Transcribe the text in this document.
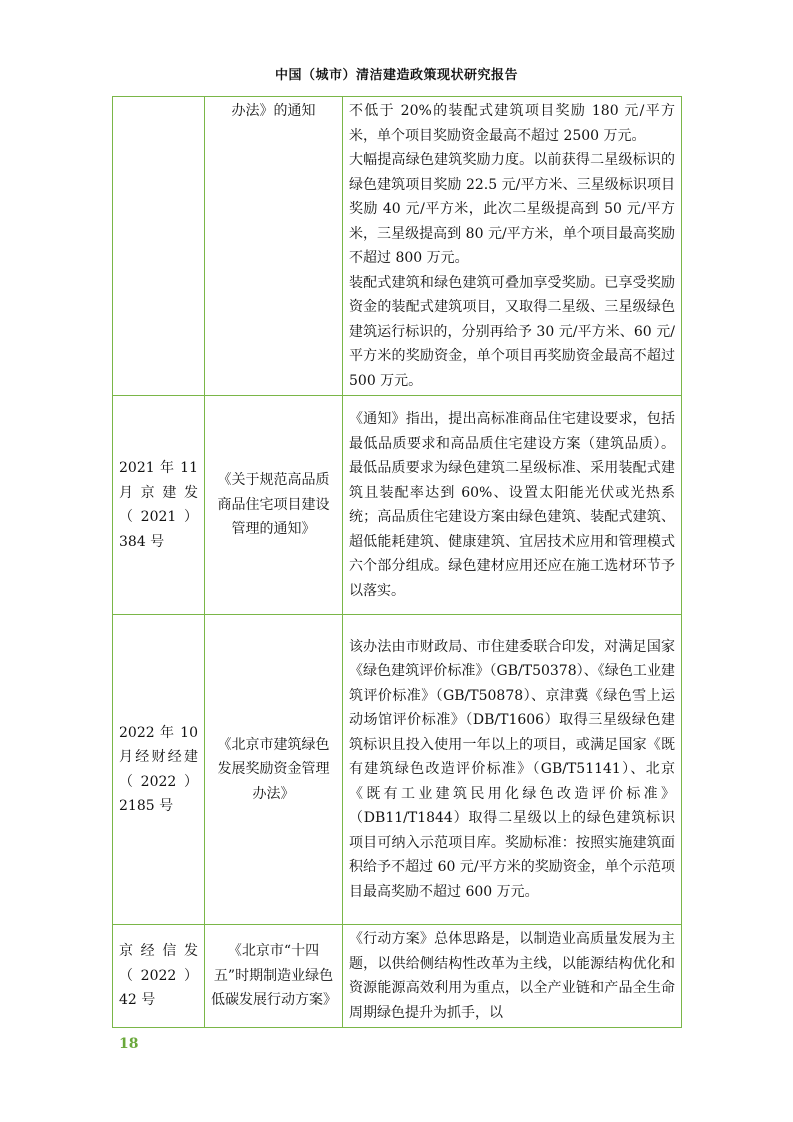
中国（城市）清洁建造政策现状研究报告
	办法》的通知	不低于 20%的装配式建筑项目奖励 180 元/平方米，单个项目奖励资金最高不超过 2500 万元。
大幅提高绿色建筑奖励力度。以前获得二星级标识的绿色建筑项目奖励 22.5 元/平方米、三星级标识项目奖励 40 元/平方米，此次二星级提高到 50 元/平方米，三星级提高到 80 元/平方米，单个项目最高奖励不超过 800 万元。
装配式建筑和绿色建筑可叠加享受奖励。已享受奖励资金的装配式建筑项目，又取得二星级、三星级绿色建筑运行标识的，分别再给予 30 元/平方米、60 元/平方米的奖励资金，单个项目再奖励资金最高不超过 500 万元。

2021 年 11 月京建发（2021）384 号	《关于规范高品质商品住宅项目建设管理的通知》	《通知》指出，提出高标准商品住宅建设要求，包括最低品质要求和高品质住宅建设方案（建筑品质）。最低品质要求为绿色建筑二星级标准、采用装配式建筑且装配率达到 60%、设置太阳能光伏或光热系统；高品质住宅建设方案由绿色建筑、装配式建筑、超低能耗建筑、健康建筑、宜居技术应用和管理模式六个部分组成。绿色建材应用还应在施工选材环节予以落实。

2022 年 10 月经财经建（2022）2185 号	《北京市建筑绿色发展奖励资金管理办法》	该办法由市财政局、市住建委联合印发，对满足国家《绿色建筑评价标准》（GB/T50378）、《绿色工业建筑评价标准》（GB/T50878）、京津冀《绿色雪上运动场馆评价标准》（DB/T1606）取得三星级绿色建筑标识且投入使用一年以上的项目，或满足国家《既有建筑绿色改造评价标准》（GB/T51141）、北京《既有工业建筑民用化绿色改造评价标准》（DB11/T1844）取得二星级以上的绿色建筑标识项目可纳入示范项目库。奖励标准：按照实施建筑面积给予不超过 60 元/平方米的奖励资金，单个示范项目最高奖励不超过 600 万元。

京经信发（2022）42 号	《北京市“十四五”时期制造业绿色低碳发展行动方案》	《行动方案》总体思路是，以制造业高质量发展为主题，以供给侧结构性改革为主线，以能源结构优化和资源能源高效利用为重点，以全产业链和产品全生命周期绿色提升为抓手，以
18
